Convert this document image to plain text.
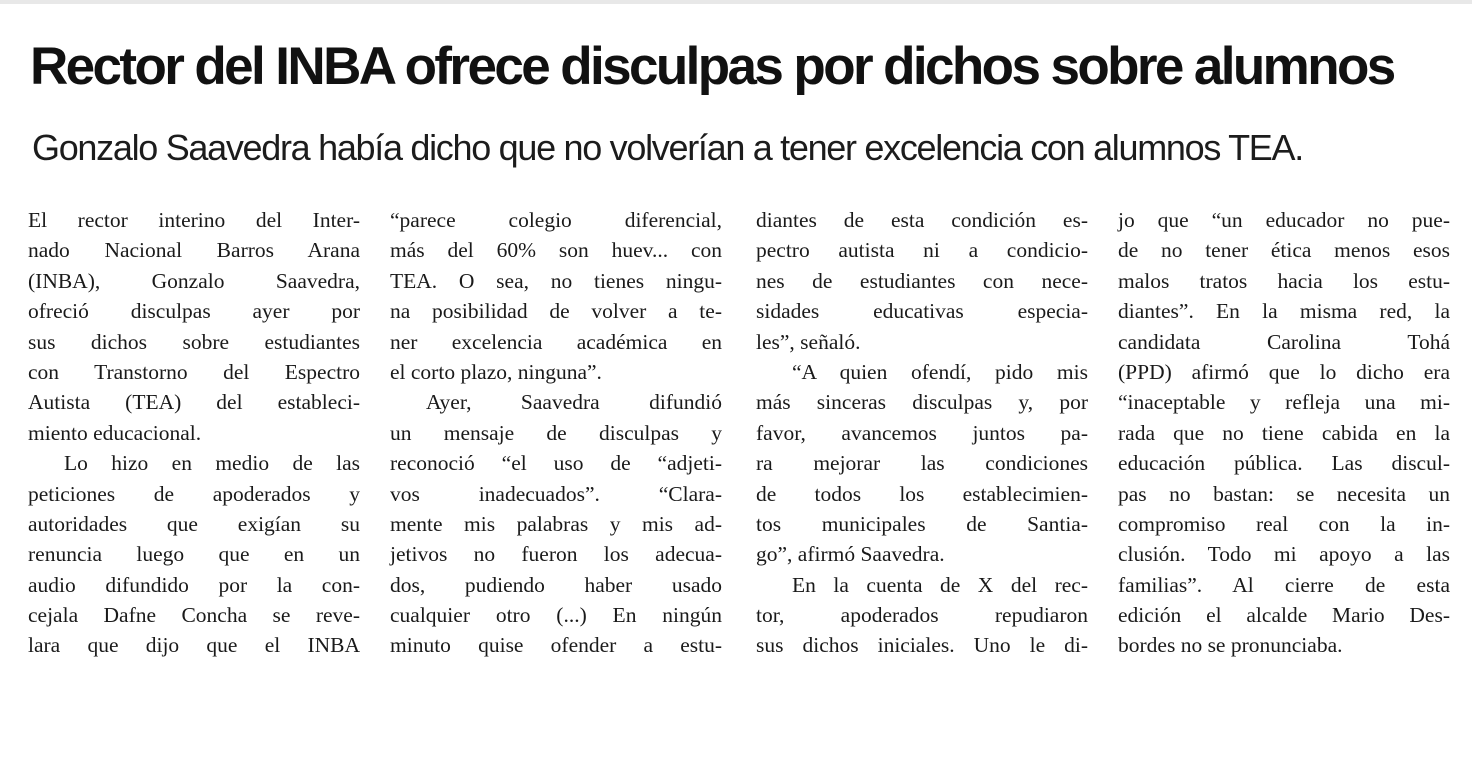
Rector del INBA ofrece disculpas por dichos sobre alumnos
Gonzalo Saavedra había dicho que no volverían a tener excelencia con alumnos TEA.
El rector interino del Inter-
nado Nacional Barros Arana
(INBA), Gonzalo Saavedra,
ofreció disculpas ayer por
sus dichos sobre estudiantes
con Transtorno del Espectro
Autista (TEA) del estableci-
miento educacional.
Lo hizo en medio de las
peticiones de apoderados y
autoridades que exigían su
renuncia luego que en un
audio difundido por la con-
cejala Dafne Concha se reve-
lara que dijo que el INBA
“parece colegio diferencial,
más del 60% son huev... con
TEA. O sea, no tienes ningu-
na posibilidad de volver a te-
ner excelencia académica en
el corto plazo, ninguna”.
Ayer, Saavedra difundió
un mensaje de disculpas y
reconoció “el uso de “adjeti-
vos inadecuados”. “Clara-
mente mis palabras y mis ad-
jetivos no fueron los adecua-
dos, pudiendo haber usado
cualquier otro (...) En ningún
minuto quise ofender a estu-
diantes de esta condición es-
pectro autista ni a condicio-
nes de estudiantes con nece-
sidades educativas especia-
les”, señaló.
“A quien ofendí, pido mis
más sinceras disculpas y, por
favor, avancemos juntos pa-
ra mejorar las condiciones
de todos los establecimien-
tos municipales de Santia-
go”, afirmó Saavedra.
En la cuenta de X del rec-
tor, apoderados repudiaron
sus dichos iniciales. Uno le di-
jo que “un educador no pue-
de no tener ética menos esos
malos tratos hacia los estu-
diantes”. En la misma red, la
candidata Carolina Tohá
(PPD) afirmó que lo dicho era
“inaceptable y refleja una mi-
rada que no tiene cabida en la
educación pública. Las discul-
pas no bastan: se necesita un
compromiso real con la in-
clusión. Todo mi apoyo a las
familias”. Al cierre de esta
edición el alcalde Mario Des-
bordes no se pronunciaba.
